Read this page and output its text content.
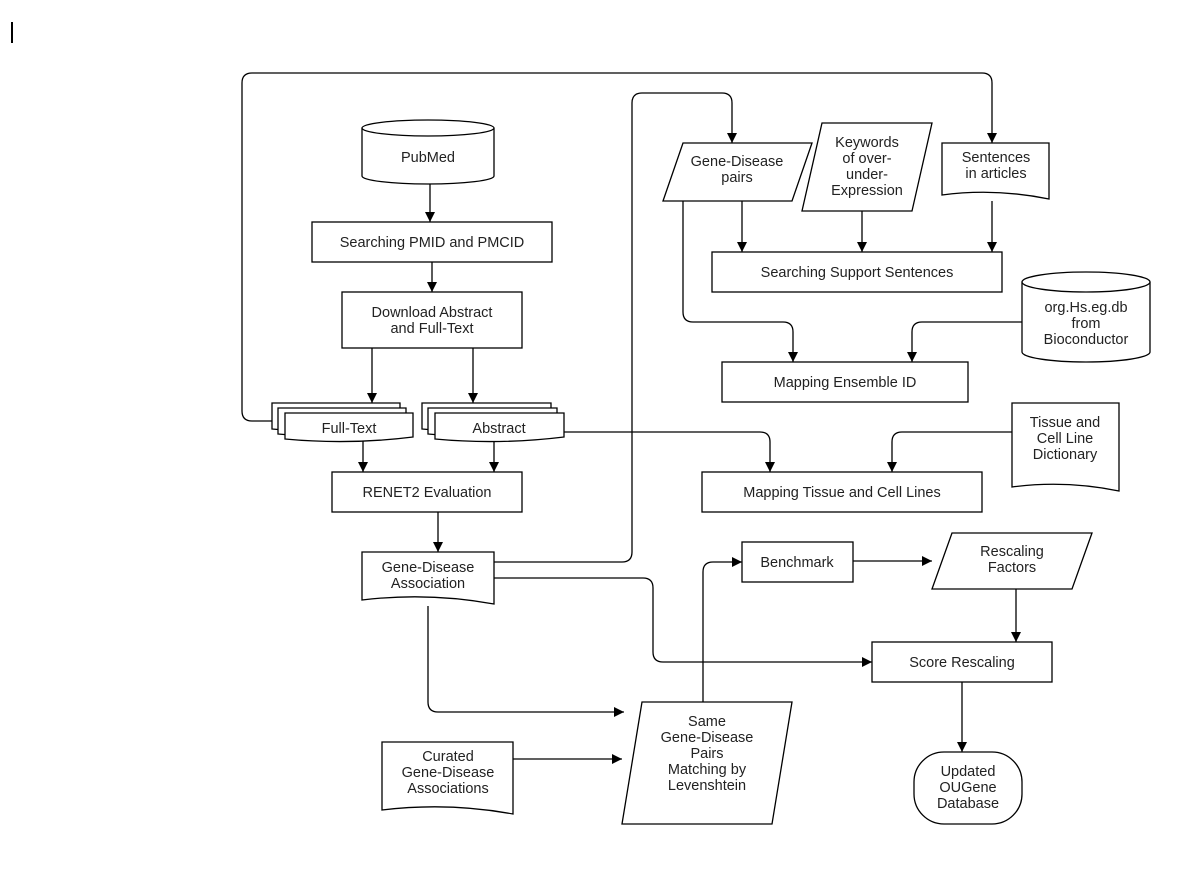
PubMed
Searching PMID and PMCID
Download Abstract and Full-Text
Full-Text	Abstract
RENET2 Evaluation
Gene-Disease Association
Gene-Disease pairs
Keywords of over-under-Expression
Sentences in articles
Searching Support Sentences
org.Hs.eg.db from Bioconductor
Mapping Ensemble ID
Tissue and Cell Line Dictionary
Mapping Tissue and Cell Lines
Benchmark
Rescaling Factors
Score Rescaling
Same Gene-Disease Pairs Matching by Levenshtein
Curated Gene-Disease Associations
Updated OUGene Database
